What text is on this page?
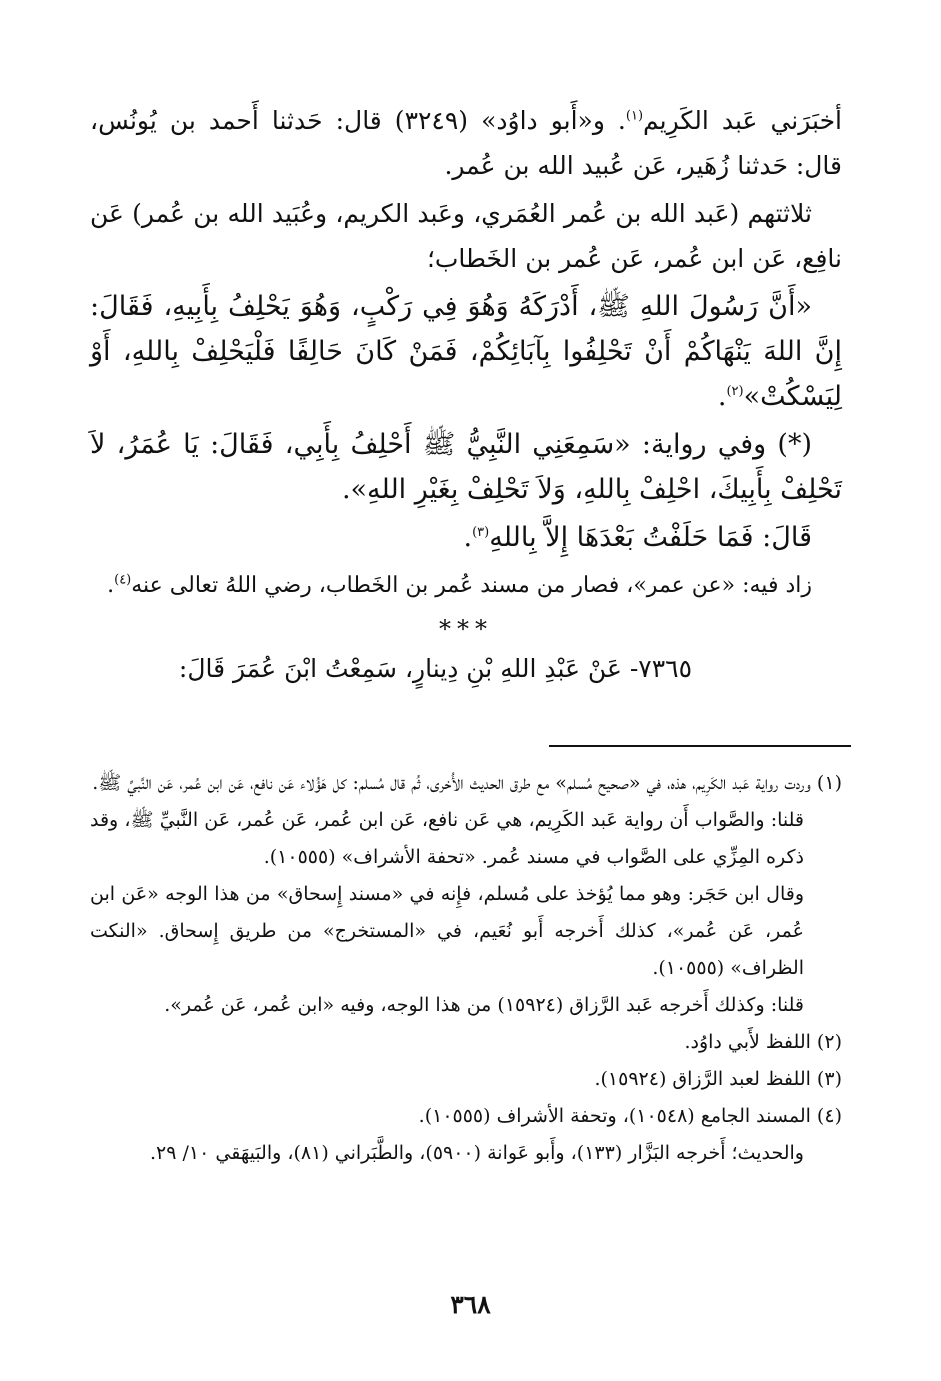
أخبَرَني عَبد الكَرِيم$^{(١)}$. و«أَبو داوُد» (٣٢٤٩) قال: حَدثنا أَحمد بن يُونُس، قال: حَدثنا زُهَير، عَن عُبيد الله بن عُمر.

ثلاثتهم (عَبد الله بن عُمر العُمَري، وعَبد الكريم، وعُبَيد الله بن عُمر) عَن نافِع، عَن ابن عُمر، عَن عُمر بن الخَطاب؛

«أَنَّ رَسُولَ اللهِ ﷺ، أَدْرَكَهُ وَهُوَ فِي رَكْبٍ، وَهُوَ يَحْلِفُ بِأَبِيهِ، فَقَالَ: إِنَّ اللهَ يَنْهَاكُمْ أَنْ تَحْلِفُوا بِآبَائِكُمْ، فَمَنْ كَانَ حَالِفًا فَلْيَحْلِفْ بِاللهِ، أَوْ لِيَسْكُتْ»$^{(٢)}$.

(*) وفي رواية: «سَمِعَنِي النَّبِيُّ ﷺ أَحْلِفُ بِأَبِي، فَقَالَ: يَا عُمَرُ، لاَ تَحْلِفْ بِأَبِيكَ، احْلِفْ بِاللهِ، وَلاَ تَحْلِفْ بِغَيْرِ اللهِ».

قَالَ: فَمَا حَلَفْتُ بَعْدَهَا إِلاَّ بِاللهِ$^{(٣)}$.

زاد فيه: «عن عمر»، فصار من مسند عُمر بن الخَطاب، رضي اللهُ تعالى عنه$^{(٤)}$.

***

٧٣٦٥- عَنْ عَبْدِ اللهِ بْنِ دِينارٍ، سَمِعْتُ ابْنَ عُمَرَ قَالَ:

(١) وردت رواية عَبد الكَرِيم، هذه، في «صحيح مُسلم» مع طرق الحديث الأُخرى، ثُم قال مُسلم: كل هَؤُلاء عَن نافع، عَن ابن عُمر، عَن النَّبيِّ ﷺ.

قلنا: والصَّواب أَن رواية عَبد الكَرِيم، هي عَن نافع، عَن ابن عُمر، عَن عُمر، عَن النَّبيِّ ﷺ، وقد ذكره المِزِّي على الصَّواب في مسند عُمر. «تحفة الأشراف» (١٠٥٥٥).

وقال ابن حَجَر: وهو مما يُؤخذ على مُسلم، فإِنه في «مسند إِسحاق» من هذا الوجه «عَن ابن عُمر، عَن عُمر»، كذلك أَخرجه أَبو نُعَيم، في «المستخرج» من طريق إِسحاق. «النكت الظراف» (١٠٥٥٥).

قلنا: وكذلك أَخرجه عَبد الرَّزاق (١٥٩٢٤) من هذا الوجه، وفيه «ابن عُمر، عَن عُمر».

(٢) اللفظ لأَبي داوُد.

(٣) اللفظ لعبد الرَّزاق (١٥٩٢٤).

(٤) المسند الجامع (١٠٥٤٨)، وتحفة الأشراف (١٠٥٥٥).

والحديث؛ أَخرجه البَزَّار (١٣٣)، وأَبو عَوانة (٥٩٠٠)، والطَّبَراني (٨١)، والبَيهَقي ١٠/ ٢٩.

٣٦٨
